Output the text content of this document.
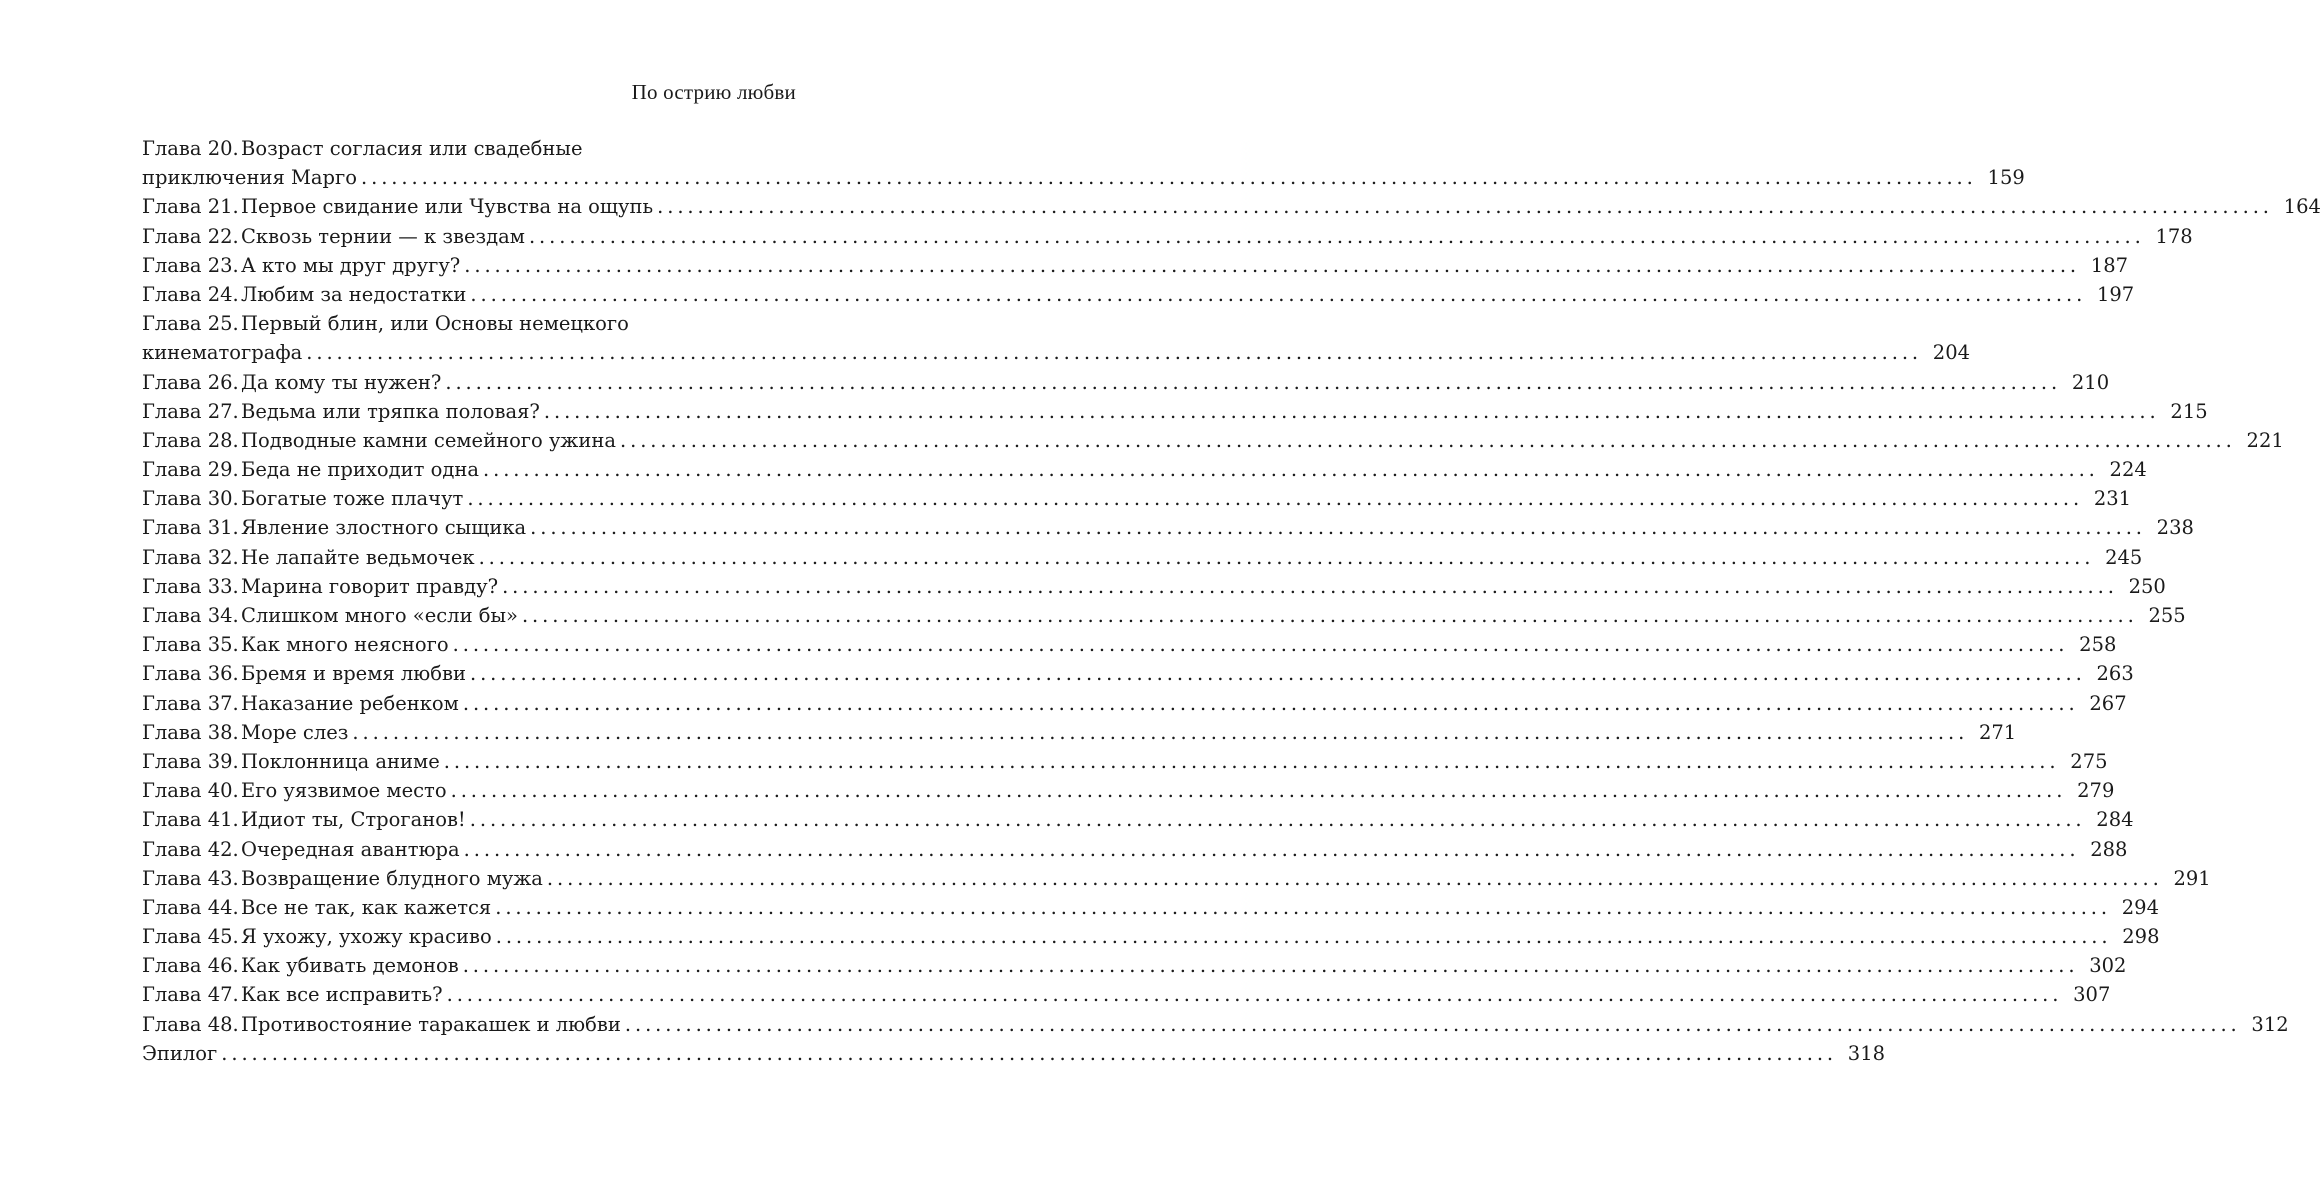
По острию любви
Глава 20. Возраст согласия или свадебные
приключения Марго .....	159
Глава 21. Первое свидание или Чувства на ощупь .....	164
Глава 22. Сквозь тернии — к звездам .....	178
Глава 23. А кто мы друг другу? .....	187
Глава 24. Любим за недостатки .....	197
Глава 25. Первый блин, или Основы немецкого
кинематографа .....	204
Глава 26. Да кому ты нужен? .....	210
Глава 27. Ведьма или тряпка половая? .....	215
Глава 28. Подводные камни семейного ужина .....	221
Глава 29. Беда не приходит одна .....	224
Глава 30. Богатые тоже плачут .....	231
Глава 31. Явление злостного сыщика .....	238
Глава 32. Не лапайте ведьмочек .....	245
Глава 33. Марина говорит правду? .....	250
Глава 34. Слишком много «если бы» .....	255
Глава 35. Как много неясного .....	258
Глава 36. Бремя и время любви .....	263
Глава 37. Наказание ребенком .....	267
Глава 38. Море слез .....	271
Глава 39. Поклонница аниме .....	275
Глава 40. Его уязвимое место .....	279
Глава 41. Идиот ты, Строганов! .....	284
Глава 42. Очередная авантюра .....	288
Глава 43. Возвращение блудного мужа .....	291
Глава 44. Все не так, как кажется .....	294
Глава 45. Я ухожу, ухожу красиво .....	298
Глава 46. Как убивать демонов .....	302
Глава 47. Как все исправить? .....	307
Глава 48. Противостояние таракашек и любви .....	312
Эпилог .....	318
